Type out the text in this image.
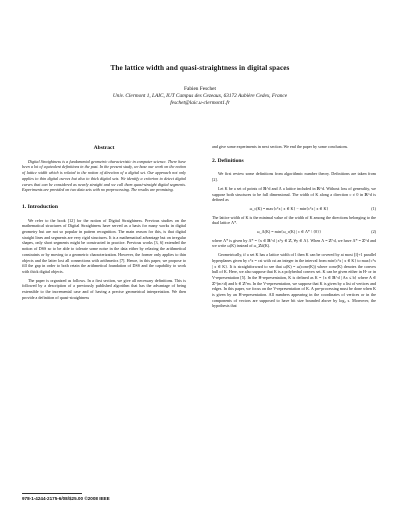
The lattice width and quasi-straightness in digital spaces
Fabien Feschet
Univ. Clermont 1, LAIC, IUT Campus des Cezeaux, 63172 Aubière Cedex, France
feschet@laic.u-clermont1.fr
Abstract

Digital Straightness is a fundamental geometric characteristic in computer science. There have been a lot of equivalent definitions in the past. In the present study, we base our work on the notion of lattice width which is related to the notion of direction of a digital set. Our approach not only applies to thin digital curves but also to thick digital sets. We identify a criterion to detect digital curves that can be considered as nearly straight and we call them quasi-straight digital segments. Experiments are provided on two data sets with no preprocessing. The results are promising.

1. Introduction

We refer to the book [12] for the notion of Digital Straightness. Previous studies on the mathematical structures of Digital Straightness have served as a basis for many works in digital geometry but are not so popular in pattern recognition. The main reason for this, is that digital straight lines and segments are very rigid structures. It is a mathematical advantage but on irregular shapes, only short segments might be constructed in practice. Previous works [3, 6] extended the notion of DSS so to be able to tolerate some noise in the data either by relaxing the arithmetical constraints or by moving to a geometric characterization. However, the former only applies to thin objects and the latter lost all connections with arithmetics [7]. Hence, in this paper, we propose to fill the gap in order to both retain the arithmetical foundation of DSS and the capability to work with thick digital objects.

The paper is organized as follows. In a first section, we give all necessary definitions. This is followed by a description of a previously published algorithm that has the advantage of being extensible to the incremental case and of having a precise geometrical interpretation. We then provide a definition of quasi-straightness

and give some experiments in next section. We end the paper by some conclusions.

2. Definitions

We first review some definitions from algorithmic number theory. Definitions are taken from [2].

Let K be a set of points of ℝ^d and Λ a lattice included in ℝ^d. Without loss of generality, we suppose both structures to be full dimensional. The width of K along a direction c ≠ 0 in ℝ^d is defined as

ω_c(K) = max{cᵀx | x ∈ K} − min{cᵀx | x ∈ K}	(1)

The lattice width of K is the minimal value of the width of K among the directions belonging to the dual lattice Λ*.

ω_Λ(K) = min{ω_c(K) | c ∈ Λ* \ {0}}	(2)

where Λ* is given by Λ* = {x ∈ ℝ^d | xᵀy ∈ ℤ, ∀y ∈ Λ}. When Λ = ℤ^d, we have Λ* = ℤ^d and we write ω(K) instead of ω_ℤd(K).

Geometrically, if a set K has a lattice width of l then K can be covered by at most ⌊l⌋+1 parallel hyperplanes given by cᵀx = cst with cst an integer in the interval from min{cᵀx | x ∈ K} to max{cᵀx | x ∈ K}. It is straightforward to see that ω(K) = ω(conv(K)) where conv(K) denotes the convex hull of K. Here, we also suppose that K is a polyhedral convex set. K can be given either in H- or in V-representation [5]. In the H-representation, K is defined as K = {x ∈ ℝ^d | Ax ≤ b} where A ∈ ℤ^(m×d) and b ∈ ℤ^m. In the V-representation, we suppose that K is given by a list of vertices and edges. In this paper, we focus on the V-representation of K. A pre-processing must be done when K is given by an H-representation. All numbers appearing in the coordinates of vertices or in the components of vectors are supposed to have bit size bounded above by log₂ s. Moreover, the hypothesis that

978-1-4244-2175-6/08/$25.00 ©2008 IEEE
